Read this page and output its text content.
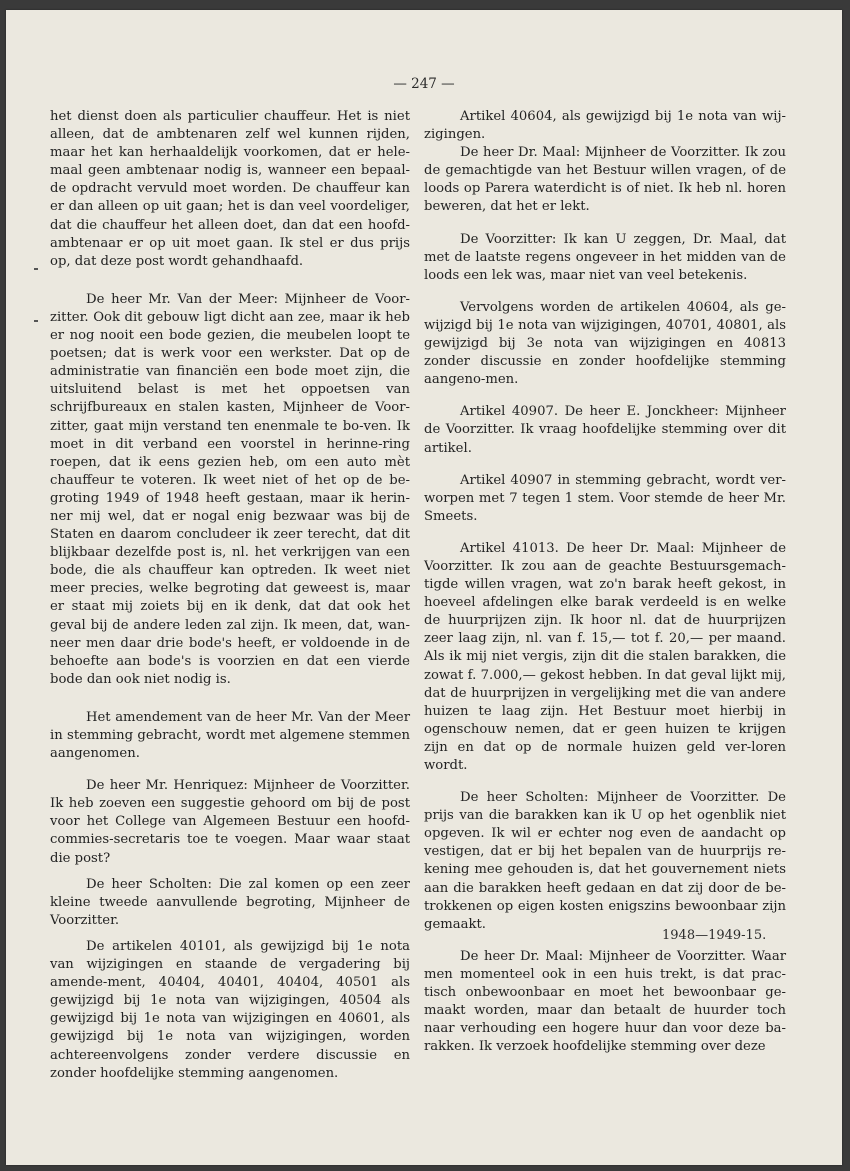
— 247 —

het dienst doen als particulier chauffeur. Het is niet alleen, dat de ambtenaren zelf wel kunnen rijden, maar het kan herhaaldelijk voorkomen, dat er hele-maal geen ambtenaar nodig is, wanneer een bepaal-de opdracht vervuld moet worden. De chauffeur kan er dan alleen op uit gaan; het is dan veel voordeliger, dat die chauffeur het alleen doet, dan dat een hoofd-ambtenaar er op uit moet gaan. Ik stel er dus prijs op, dat deze post wordt gehandhaafd.

De heer Mr. Van der Meer: Mijnheer de Voor-zitter. Ook dit gebouw ligt dicht aan zee, maar ik heb er nog nooit een bode gezien, die meubelen loopt te poetsen; dat is werk voor een werkster. Dat op de administratie van financiën een bode moet zijn, die uitsluitend belast is met het oppoetsen van schrijfbureaux en stalen kasten, Mijnheer de Voor-zitter, gaat mijn verstand ten enenmale te bo-ven. Ik moet in dit verband een voorstel in herinne-ring roepen, dat ik eens gezien heb, om een auto mèt chauffeur te voteren. Ik weet niet of het op de be-groting 1949 of 1948 heeft gestaan, maar ik herin-ner mij wel, dat er nogal enig bezwaar was bij de Staten en daarom concludeer ik zeer terecht, dat dit blijkbaar dezelfde post is, nl. het verkrijgen van een bode, die als chauffeur kan optreden. Ik weet niet meer precies, welke begroting dat geweest is, maar er staat mij zoiets bij en ik denk, dat dat ook het geval bij de andere leden zal zijn. Ik meen, dat, wan-neer men daar drie bode's heeft, er voldoende in de behoefte aan bode's is voorzien en dat een vierde bode dan ook niet nodig is.

Het amendement van de heer Mr. Van der Meer in stemming gebracht, wordt met algemene stemmen aangenomen.

De heer Mr. Henriquez: Mijnheer de Voorzitter. Ik heb zoeven een suggestie gehoord om bij de post voor het College van Algemeen Bestuur een hoofd-commies-secretaris toe te voegen. Maar waar staat die post?

De heer Scholten: Die zal komen op een zeer kleine tweede aanvullende begroting, Mijnheer de Voorzitter.

De artikelen 40101, als gewijzigd bij 1e nota van wijzigingen en staande de vergadering bij amende-ment, 40404, 40401, 40404, 40501 als gewijzigd bij 1e nota van wijzigingen, 40504 als gewijzigd bij 1e nota van wijzigingen en 40601, als gewijzigd bij 1e nota van wijzigingen, worden achtereenvolgens zonder verdere discussie en zonder hoofdelijke stemming aangenomen.

Artikel 40604, als gewijzigd bij 1e nota van wij-zigingen.

De heer Dr. Maal: Mijnheer de Voorzitter. Ik zou de gemachtigde van het Bestuur willen vragen, of de loods op Parera waterdicht is of niet. Ik heb nl. horen beweren, dat het er lekt.

De Voorzitter: Ik kan U zeggen, Dr. Maal, dat met de laatste regens ongeveer in het midden van de loods een lek was, maar niet van veel betekenis.

Vervolgens worden de artikelen 40604, als ge-wijzigd bij 1e nota van wijzigingen, 40701, 40801, als gewijzigd bij 3e nota van wijzigingen en 40813 zonder discussie en zonder hoofdelijke stemming aangeno-men.

Artikel 40907. De heer E. Jonckheer: Mijnheer de Voorzitter. Ik vraag hoofdelijke stemming over dit artikel.

Artikel 40907 in stemming gebracht, wordt ver-worpen met 7 tegen 1 stem. Voor stemde de heer Mr. Smeets.

Artikel 41013. De heer Dr. Maal: Mijnheer de Voorzitter. Ik zou aan de geachte Bestuursgemach-tigde willen vragen, wat zo'n barak heeft gekost, in hoeveel afdelingen elke barak verdeeld is en welke de huurprijzen zijn. Ik hoor nl. dat de huurprijzen zeer laag zijn, nl. van f. 15,— tot f. 20,— per maand. Als ik mij niet vergis, zijn dit die stalen barakken, die zowat f. 7.000,— gekost hebben. In dat geval lijkt mij, dat de huurprijzen in vergelijking met die van andere huizen te laag zijn. Het Bestuur moet hierbij in ogenschouw nemen, dat er geen huizen te krijgen zijn en dat op de normale huizen geld ver-loren wordt.

De heer Scholten: Mijnheer de Voorzitter. De prijs van die barakken kan ik U op het ogenblik niet opgeven. Ik wil er echter nog even de aandacht op vestigen, dat er bij het bepalen van de huurprijs re-kening mee gehouden is, dat het gouvernement niets aan die barakken heeft gedaan en dat zij door de be-trokkenen op eigen kosten enigszins bewoonbaar zijn gemaakt.

De heer Dr. Maal: Mijnheer de Voorzitter. Waar men momenteel ook in een huis trekt, is dat prac-tisch onbewoonbaar en moet het bewoonbaar ge-maakt worden, maar dan betaalt de huurder toch naar verhouding een hogere huur dan voor deze ba-rakken. Ik verzoek hoofdelijke stemming over deze

1948—1949-15.
